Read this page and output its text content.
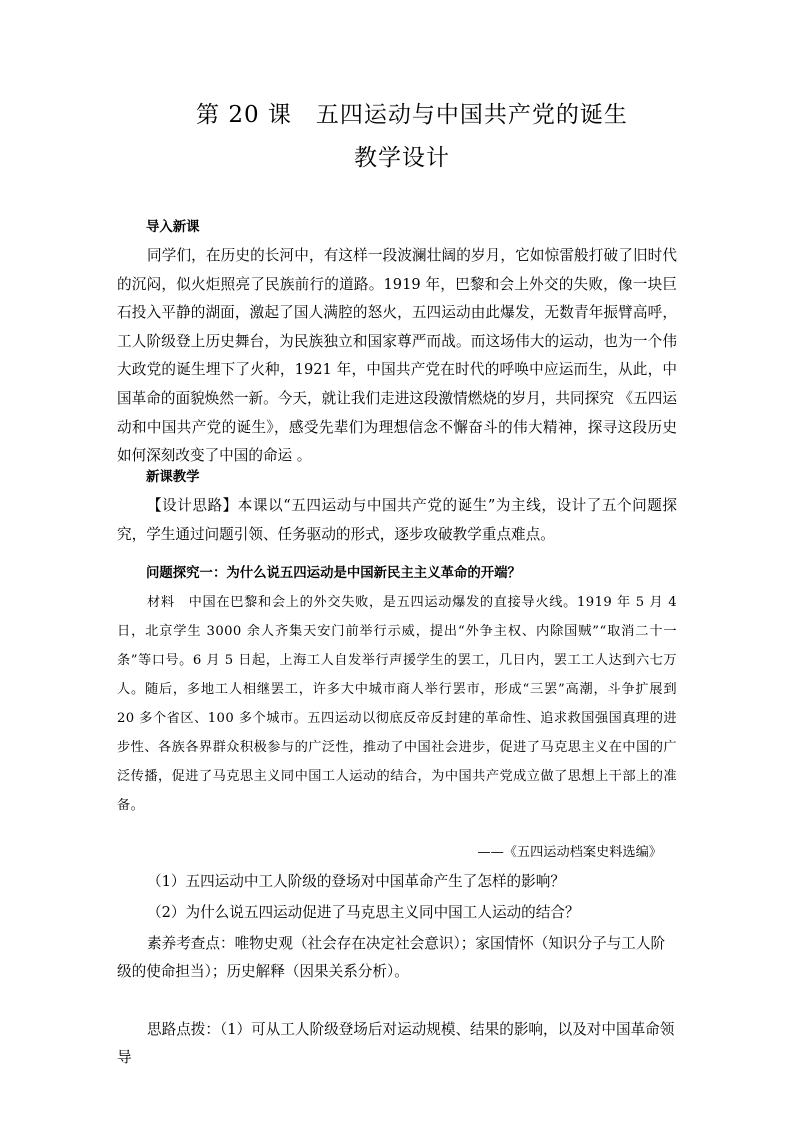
第 20 课　五四运动与中国共产党的诞生
教学设计
导入新课
同学们，在历史的长河中，有这样一段波澜壮阔的岁月，它如惊雷般打破了旧时代的沉闷，似火炬照亮了民族前行的道路。1919 年，巴黎和会上外交的失败，像一块巨石投入平静的湖面，激起了国人满腔的怒火，五四运动由此爆发，无数青年振臂高呼，工人阶级登上历史舞台，为民族独立和国家尊严而战。而这场伟大的运动，也为一个伟大政党的诞生埋下了火种，1921 年，中国共产党在时代的呼唤中应运而生，从此，中国革命的面貌焕然一新。今天，就让我们走进这段激情燃烧的岁月，共同探究 《五四运动和中国共产党的诞生》，感受先辈们为理想信念不懈奋斗的伟大精神，探寻这段历史如何深刻改变了中国的命运 。
新课教学
【设计思路】本课以“五四运动与中国共产党的诞生”为主线，设计了五个问题探究，学生通过问题引领、任务驱动的形式，逐步攻破教学重点难点。
问题探究一：为什么说五四运动是中国新民主主义革命的开端？
材料　中国在巴黎和会上的外交失败，是五四运动爆发的直接导火线。1919 年 5 月 4 日，北京学生 3000 余人齐集天安门前举行示威，提出“外争主权、内除国贼”“取消二十一条”等口号。6 月 5 日起，上海工人自发举行声援学生的罢工，几日内，罢工工人达到六七万人。随后，多地工人相继罢工，许多大中城市商人举行罢市，形成“三罢”高潮，斗争扩展到 20 多个省区、100 多个城市。五四运动以彻底反帝反封建的革命性、追求救国强国真理的进步性、各族各界群众积极参与的广泛性，推动了中国社会进步，促进了马克思主义在中国的广泛传播，促进了马克思主义同中国工人运动的结合，为中国共产党成立做了思想上干部上的准备。
——《五四运动档案史料选编》
（1）五四运动中工人阶级的登场对中国革命产生了怎样的影响？
（2）为什么说五四运动促进了马克思主义同中国工人运动的结合？
素养考查点：唯物史观（社会存在决定社会意识）；家国情怀（知识分子与工人阶级的使命担当）；历史解释（因果关系分析）。
思路点拨：（1）可从工人阶级登场后对运动规模、结果的影响，以及对中国革命领导
